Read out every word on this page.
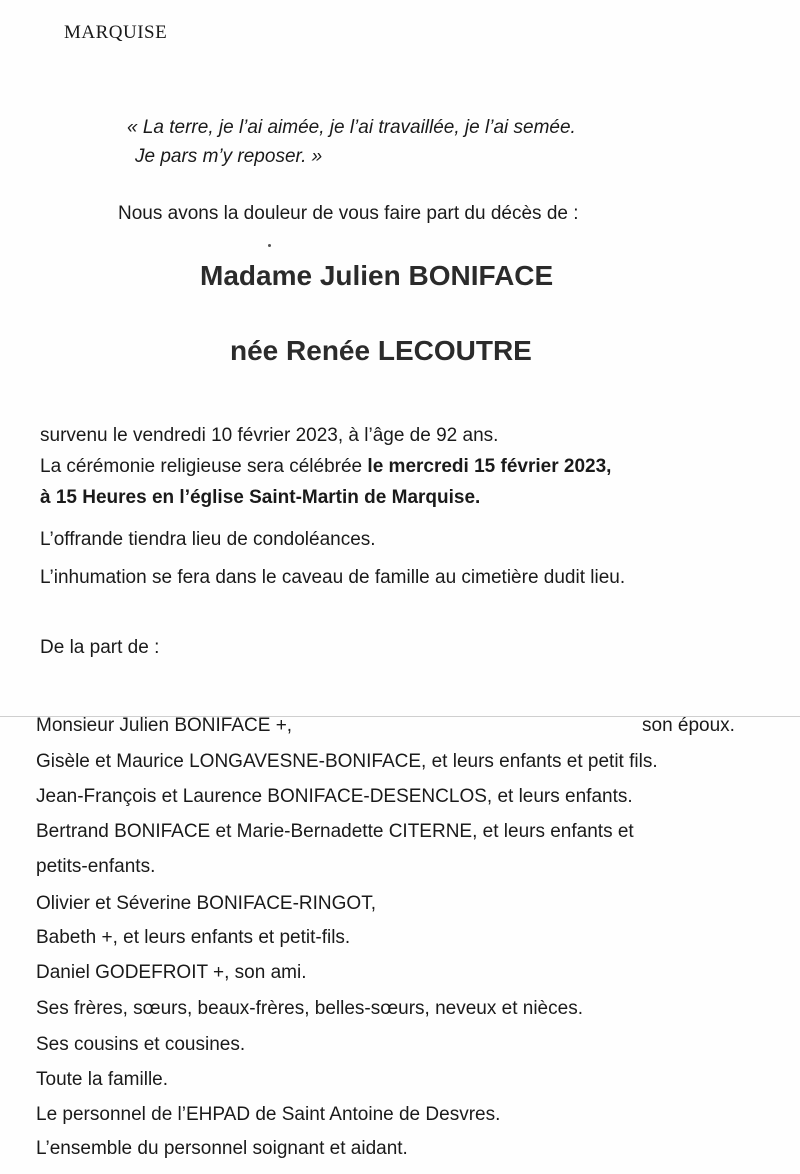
MARQUISE
« La terre, je l’ai aimée, je l’ai travaillée, je l’ai semée.
Je pars m’y reposer. »
Nous avons la douleur de vous faire part du décès de :
Madame Julien BONIFACE
née Renée LECOUTRE
survenu le vendredi 10 février 2023, à l’âge de 92 ans.
La cérémonie religieuse sera célébrée le mercredi 15 février 2023,
à 15 Heures en l’église Saint-Martin de Marquise.
L’offrande tiendra lieu de condoléances.
L’inhumation se fera dans le caveau de famille au cimetière dudit lieu.
De la part de :
Monsieur Julien BONIFACE +,	son époux.
Gisèle et Maurice LONGAVESNE-BONIFACE, et leurs enfants et petit fils.
Jean-François et Laurence BONIFACE-DESENCLOS, et leurs enfants.
Bertrand BONIFACE et Marie-Bernadette CITERNE, et leurs enfants et
petits-enfants.
Olivier et Séverine BONIFACE-RINGOT,
Babeth +, et leurs enfants et petit-fils.
Daniel GODEFROIT +, son ami.
Ses frères, sœurs, beaux-frères, belles-sœurs, neveux et nièces.
Ses cousins et cousines.
Toute la famille.
Le personnel de l’EHPAD de Saint Antoine de Desvres.
L’ensemble du personnel soignant et aidant.
